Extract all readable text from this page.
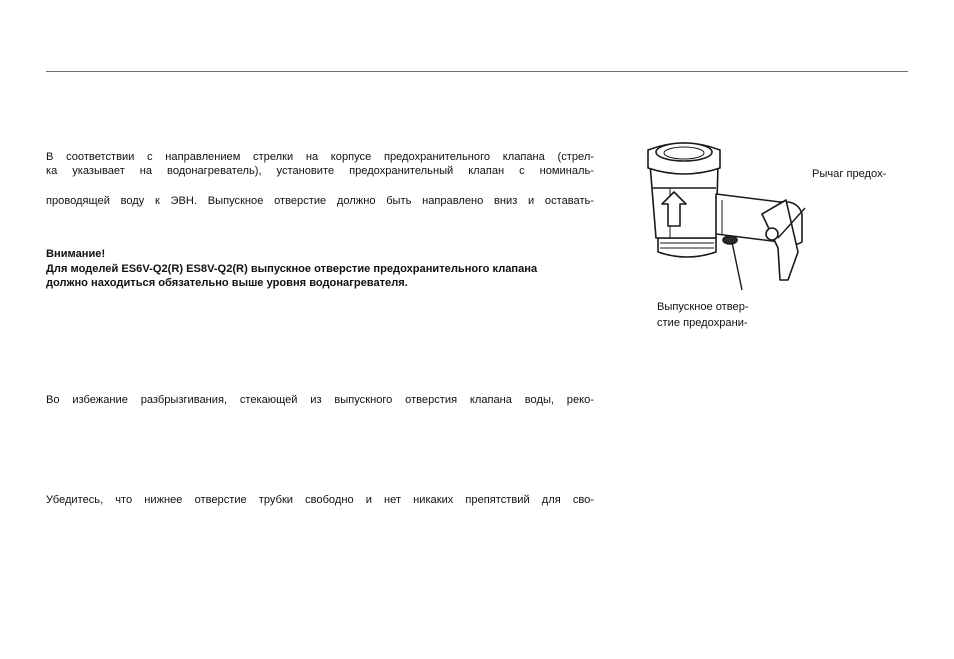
В соответствии с направлением стрелки на корпусе предохранительного клапана (стрел-
ка указывает на водонагреватель), установите предохранительный клапан с номиналь-
проводящей воду к ЭВН. Выпускное отверстие должно быть направлено вниз и оставать-
Внимание!
Для моделей ES6V-Q2(R) ES8V-Q2(R) выпускное отверстие предохранительного клапана
должно находиться обязательно выше уровня водонагревателя.
Во избежание разбрызгивания, стекающей из выпускного отверстия клапана воды, реко-
Убедитесь, что нижнее отверстие трубки свободно и нет никаких препятствий для сво-
Рычаг предох-
Выпускное отвер-
стие предохрани-
